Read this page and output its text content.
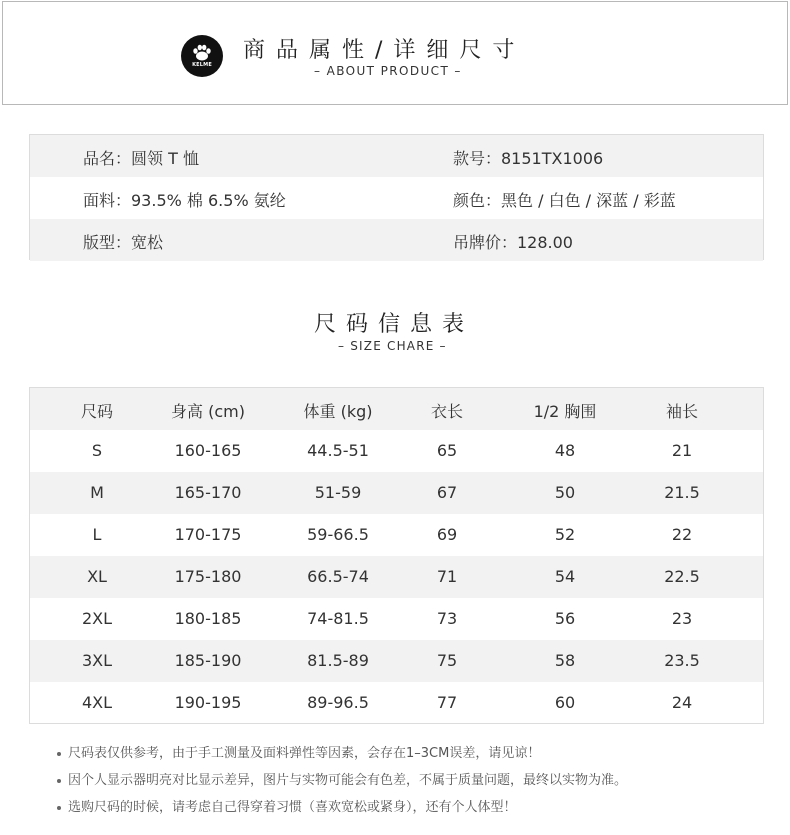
KELME
商品属性/详细尺寸
– ABOUT PRODUCT –
品名：圆领 T 恤	款号：8151TX1006
面料：93.5% 棉 6.5% 氨纶	颜色：黑色 / 白色 / 深蓝 / 彩蓝
版型：宽松	吊牌价：128.00
尺码信息表
– SIZE CHARE –
尺码	身高 (cm)	体重 (kg)	衣长	1/2 胸围	袖长
S	160-165	44.5-51	65	48	21
M	165-170	51-59	67	50	21.5
L	170-175	59-66.5	69	52	22
XL	175-180	66.5-74	71	54	22.5
2XL	180-185	74-81.5	73	56	23
3XL	185-190	81.5-89	75	58	23.5
4XL	190-195	89-96.5	77	60	24
尺码表仅供参考，由于手工测量及面料弹性等因素，会存在1–3CM误差，请见谅！
因个人显示器明亮对比显示差异，图片与实物可能会有色差，不属于质量问题，最终以实物为准。
选购尺码的时候，请考虑自己得穿着习惯（喜欢宽松或紧身），还有个人体型！
